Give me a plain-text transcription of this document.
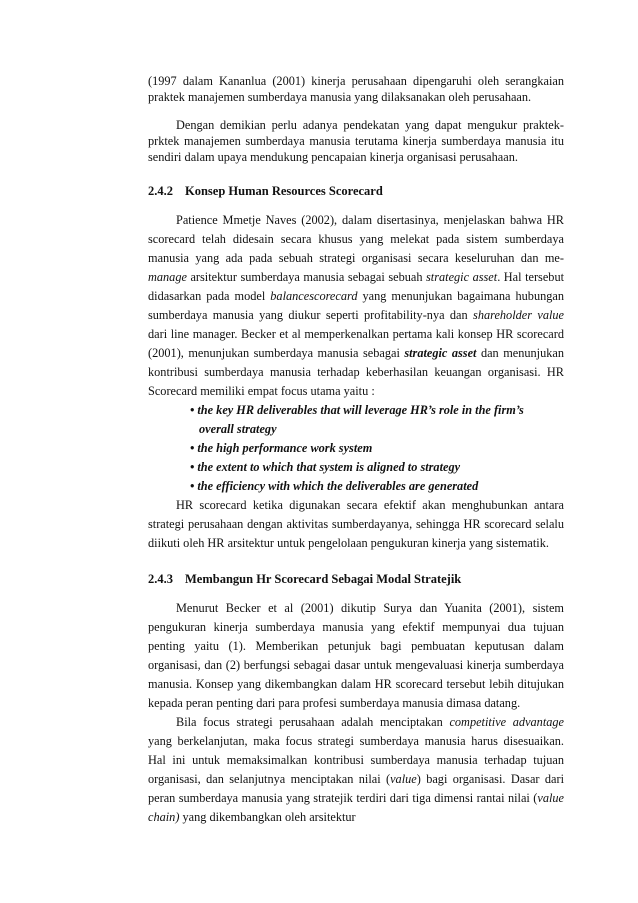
(1997 dalam Kananlua (2001) kinerja perusahaan dipengaruhi oleh serangkaian praktek manajemen sumberdaya manusia yang dilaksanakan oleh perusahaan.

Dengan demikian perlu adanya pendekatan yang dapat mengukur praktek-prktek manajemen sumberdaya manusia terutama kinerja sumberdaya manusia itu sendiri dalam upaya mendukung pencapaian kinerja organisasi perusahaan.

2.4.2 Konsep Human Resources Scorecard

Patience Mmetje Naves (2002), dalam disertasinya, menjelaskan bahwa HR scorecard telah didesain secara khusus yang melekat pada sistem sumberdaya manusia yang ada pada sebuah strategi organisasi secara keseluruhan dan me-manage arsitektur sumberdaya manusia sebagai sebuah strategic asset. Hal tersebut didasarkan pada model balancescorecard yang menunjukan bagaimana hubungan sumberdaya manusia yang diukur seperti profitability-nya dan shareholder value dari line manager. Becker et al memperkenalkan pertama kali konsep HR scorecard (2001), menunjukan sumberdaya manusia sebagai strategic asset dan menunjukan kontribusi sumberdaya manusia terhadap keberhasilan keuangan organisasi. HR Scorecard memiliki empat focus utama yaitu :

• the key HR deliverables that will leverage HR’s role in the firm’s
overall strategy
• the high performance work system
• the extent to which that system is aligned to strategy
• the efficiency with which the deliverables are generated

HR scorecard ketika digunakan secara efektif akan menghubunkan antara strategi perusahaan dengan aktivitas sumberdayanya, sehingga HR scorecard selalu diikuti oleh HR arsitektur untuk pengelolaan pengukuran kinerja yang sistematik.

2.4.3 Membangun Hr Scorecard Sebagai Modal Stratejik

Menurut Becker et al (2001) dikutip Surya dan Yuanita (2001), sistem pengukuran kinerja sumberdaya manusia yang efektif mempunyai dua tujuan penting yaitu (1). Memberikan petunjuk bagi pembuatan keputusan dalam organisasi, dan (2) berfungsi sebagai dasar untuk mengevaluasi kinerja sumberdaya manusia. Konsep yang dikembangkan dalam HR scorecard tersebut lebih ditujukan kepada peran penting dari para profesi sumberdaya manusia dimasa datang.

Bila focus strategi perusahaan adalah menciptakan competitive advantage yang berkelanjutan, maka focus strategi sumberdaya manusia harus disesuaikan. Hal ini untuk memaksimalkan kontribusi sumberdaya manusia terhadap tujuan organisasi, dan selanjutnya menciptakan nilai (value) bagi organisasi. Dasar dari peran sumberdaya manusia yang stratejik terdiri dari tiga dimensi rantai nilai (value chain) yang dikembangkan oleh arsitektur
